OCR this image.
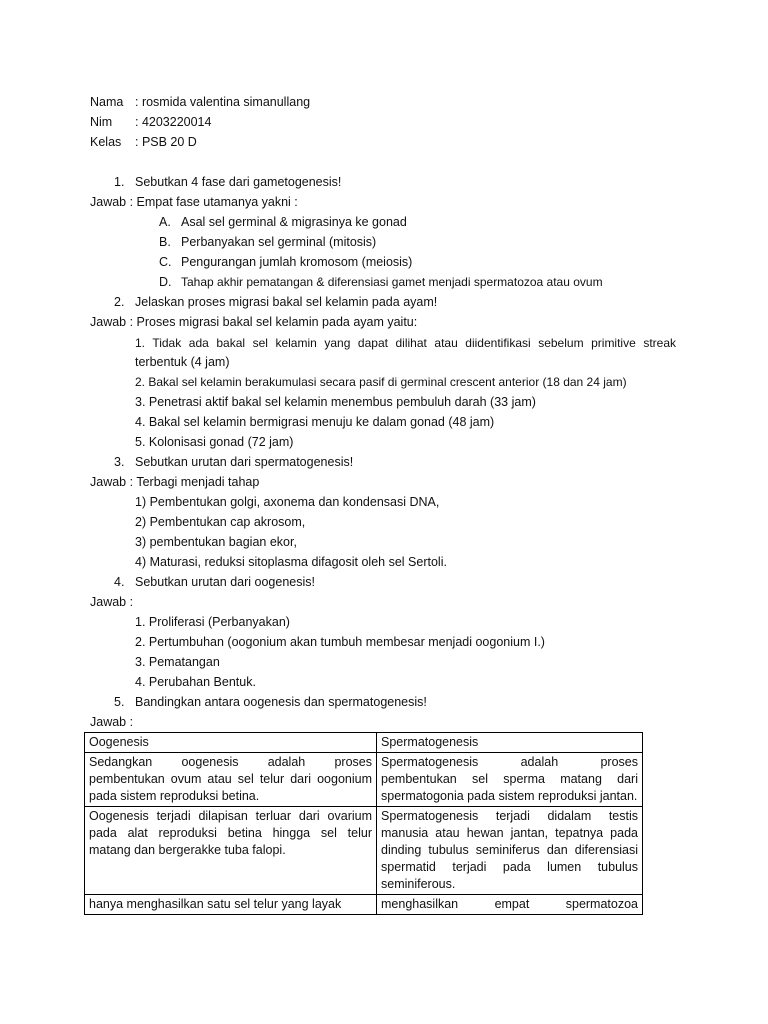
Nama : rosmida valentina simanullang
Nim : 4203220014
Kelas : PSB 20 D
1. Sebutkan 4 fase dari gametogenesis!
Jawab : Empat fase utamanya yakni :
A. Asal sel germinal & migrasinya ke gonad
B. Perbanyakan sel germinal (mitosis)
C. Pengurangan jumlah kromosom (meiosis)
D. Tahap akhir pematangan & diferensiasi gamet menjadi spermatozoa atau ovum
2. Jelaskan proses migrasi bakal sel kelamin pada ayam!
Jawab : Proses migrasi bakal sel kelamin pada ayam yaitu:
1. Tidak ada bakal sel kelamin yang dapat dilihat atau diidentifikasi sebelum primitive streak
terbentuk (4 jam)
2. Bakal sel kelamin berakumulasi secara pasif di germinal crescent anterior (18 dan 24 jam)
3. Penetrasi aktif bakal sel kelamin menembus pembuluh darah (33 jam)
4. Bakal sel kelamin bermigrasi menuju ke dalam gonad (48 jam)
5. Kolonisasi gonad (72 jam)
3. Sebutkan urutan dari spermatogenesis!
Jawab : Terbagi menjadi tahap
1) Pembentukan golgi, axonema dan kondensasi DNA,
2) Pembentukan cap akrosom,
3) pembentukan bagian ekor,
4) Maturasi, reduksi sitoplasma difagosit oleh sel Sertoli.
4. Sebutkan urutan dari oogenesis!
Jawab :
1. Proliferasi (Perbanyakan)
2. Pertumbuhan (oogonium akan tumbuh membesar menjadi oogonium I.)
3. Pematangan
4. Perubahan Bentuk.
5. Bandingkan antara oogenesis dan spermatogenesis!
Jawab :
Oogenesis	Spermatogenesis
Sedangkan oogenesis adalah proses pembentukan ovum atau sel telur dari oogonium pada sistem reproduksi betina.	Spermatogenesis adalah proses pembentukan sel sperma matang dari spermatogonia pada sistem reproduksi jantan.
Oogenesis terjadi dilapisan terluar dari ovarium pada alat reproduksi betina hingga sel telur matang dan bergerakke tuba falopi.	Spermatogenesis terjadi didalam testis manusia atau hewan jantan, tepatnya pada dinding tubulus seminiferus dan diferensiasi spermatid terjadi pada lumen tubulus seminiferous.
hanya menghasilkan satu sel telur yang layak	menghasilkan empat spermatozoa
